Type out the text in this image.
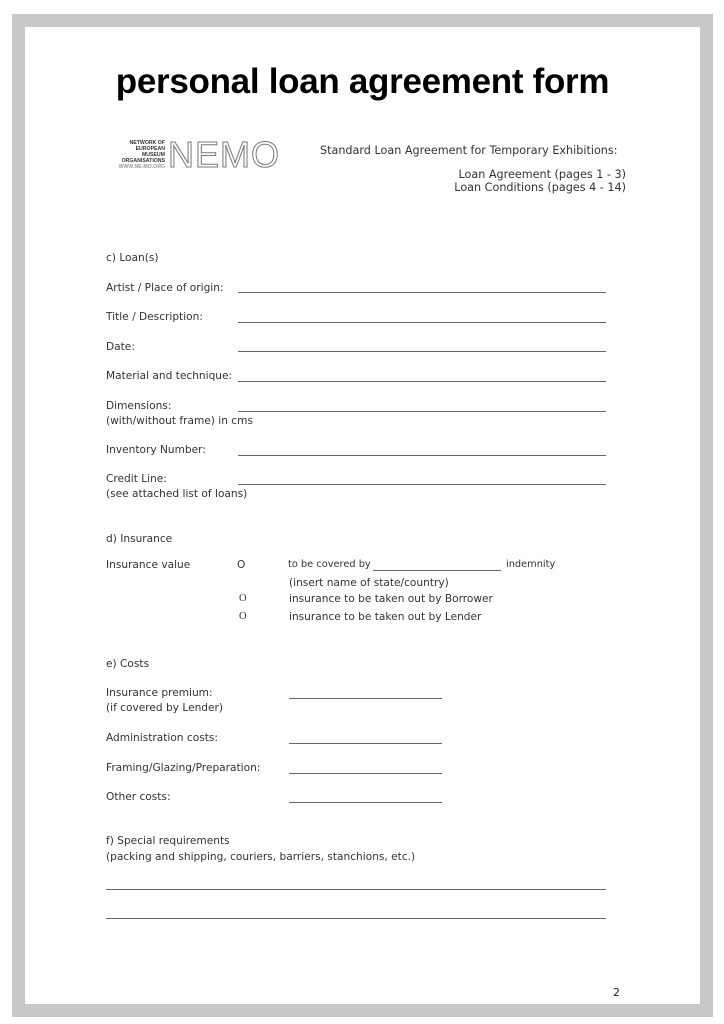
personal loan agreement form
NETWORK OF
EUROPEAN
MUSEUM
ORGANISATIONS
WWW.NE-MO.ORG NEMO	Standard Loan Agreement for Temporary Exhibitions:
Loan Agreement (pages 1 - 3)
Loan Conditions (pages 4 - 14)
c) Loan(s)
Artist / Place of origin:
Title / Description:
Date:
Material and technique:
Dimensions:
(with/without frame) in cms
Inventory Number:
Credit Line:
(see attached list of loans)
d) Insurance
Insurance value	O	to be covered by	indemnity
(insert name of state/country)
O	insurance to be taken out by Borrower
O	insurance to be taken out by Lender
e) Costs
Insurance premium:
(if covered by Lender)
Administration costs:
Framing/Glazing/Preparation:
Other costs:
f) Special requirements
(packing and shipping, couriers, barriers, stanchions, etc.)
2
